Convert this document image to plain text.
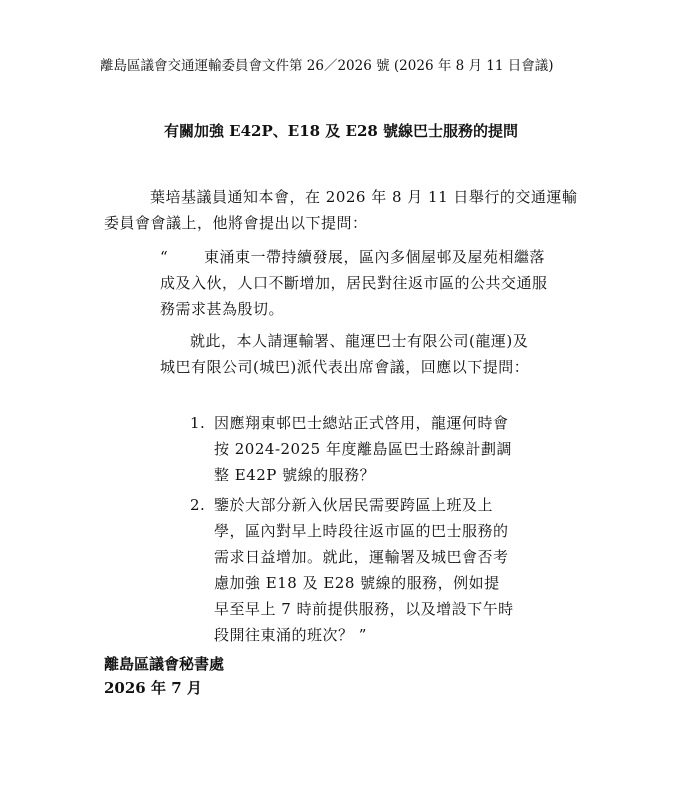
離島區議會交通運輸委員會文件第 26／2026 號 (2026 年 8 月 11 日會議)
有關加強 E42P、E18 及 E28 號線巴士服務的提問
葉培基議員通知本會，在 2026 年 8 月 11 日舉行的交通運輸委員會會議上，他將會提出以下提問：
“ 東涌東一帶持續發展，區內多個屋邨及屋苑相繼落成及入伙，人口不斷增加，居民對往返市區的公共交通服務需求甚為殷切。
就此，本人請運輸署、龍運巴士有限公司(龍運)及城巴有限公司(城巴)派代表出席會議，回應以下提問：
1. 因應翔東邨巴士總站正式啓用，龍運何時會按 2024-2025 年度離島區巴士路線計劃調整 E42P 號線的服務？
2. 鑒於大部分新入伙居民需要跨區上班及上學，區內對早上時段往返市區的巴士服務的需求日益增加。就此，運輸署及城巴會否考慮加強 E18 及 E28 號線的服務，例如提早至早上 7 時前提供服務，以及增設下午時段開往東涌的班次？ ”
離島區議會秘書處
2026 年 7 月
